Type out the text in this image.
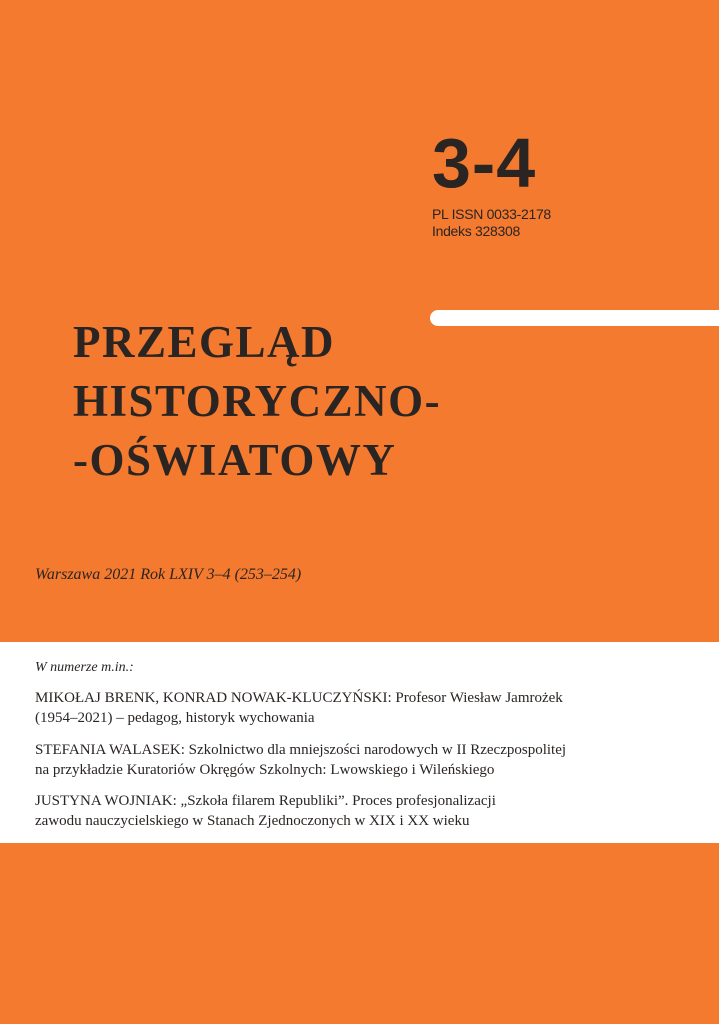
3-4
PL ISSN 0033-2178
Indeks 328308
PRZEGLĄD
HISTORYCZNO-
-OŚWIATOWY
Warszawa 2021 Rok LXIV 3–4 (253–254)
W numerze m.in.:
MIKOŁAJ BRENK, KONRAD NOWAK-KLUCZYŃSKI: Profesor Wiesław Jamrożek
(1954–2021) – pedagog, historyk wychowania
STEFANIA WALASEK: Szkolnictwo dla mniejszości narodowych w II Rzeczpospolitej
na przykładzie Kuratoriów Okręgów Szkolnych: Lwowskiego i Wileńskiego
JUSTYNA WOJNIAK: „Szkoła filarem Republiki”. Proces profesjonalizacji
zawodu nauczycielskiego w Stanach Zjednoczonych w XIX i XX wieku
